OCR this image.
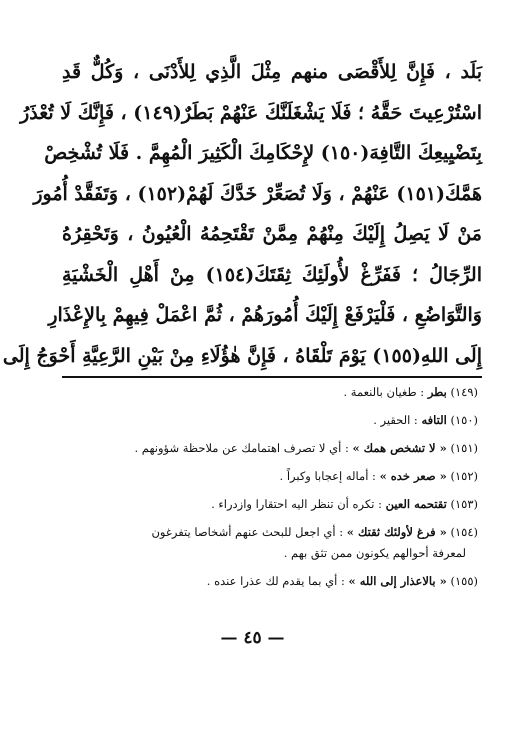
بَلَد ، فَإِنَّ لِلأَقْصَى منهم مِثْلَ الَّذِي لِلأَدْنَى ، وَكُلٌّ قَدِ
اسْتُرْعِيتَ حَقَّهُ ؛ فَلَا يَشْغَلَنَّكَ عَنْهُمْ بَطَرٌ(١٤٩) ، فَإِنَّكَ لَا تُعْذَرُ
بِتَضْيِيعِكَ التَّافِهَ(١٥٠) لإِحْكَامِكَ الْكَثِيرَ الْمُهِمَّ . فَلَا تُشْخِصْ
هَمَّكَ(١٥١) عَنْهُمْ ، وَلَا تُصَعِّرْ خَدَّكَ لَهُمْ(١٥٢) ، وَتَفَقَّدْ أُمُورَ
مَنْ لَا يَصِلُ إِلَيْكَ مِنْهُمْ مِمَّنْ تَقْتَحِمُهُ الْعُيُونُ ، وَتَحْقِرُهُ
الرِّجَالُ ؛ فَفَرِّغْ لأُولَئِكَ ثِقَتَكَ(١٥٤) مِنْ أَهْلِ الْخَشْيَةِ
وَالتَّوَاضُعِ ، فَلْيَرْفَعْ إِلَيْكَ أُمُورَهُمْ ، ثُمَّ اعْمَلْ فِيهِمْ بِالإِعْذَارِ
إِلَى اللهِ(١٥٥) يَوْمَ تَلْقَاهُ ، فَإِنَّ هٰؤُلَاءِ مِنْ بَيْنِ الرَّعِيَّةِ أَحْوَجُ إِلَى
(١٤٩) بطر : طغيان بالنعمة .
(١٥٠) التافه : الحقير .
(١٥١) « لا تشخص همك » : أي لا تصرف اهتمامك عن ملاحظة شؤونهم .
(١٥٢) « صعر خده » : أماله إعجابا وكبراً .
(١٥٣) تقتحمه العين : تكره أن تنظر اليه احتقارا وازدراء .
(١٥٤) « فرغ لأولئك ثقتك » : أي اجعل للبحث عنهم أشخاصا يتفرغون
لمعرفة أحوالهم يكونون ممن تثق بهم .
(١٥٥) « بالاعذار إلى الله » : أي بما يقدم لك عذرا عنده .
— ٤٥ —
